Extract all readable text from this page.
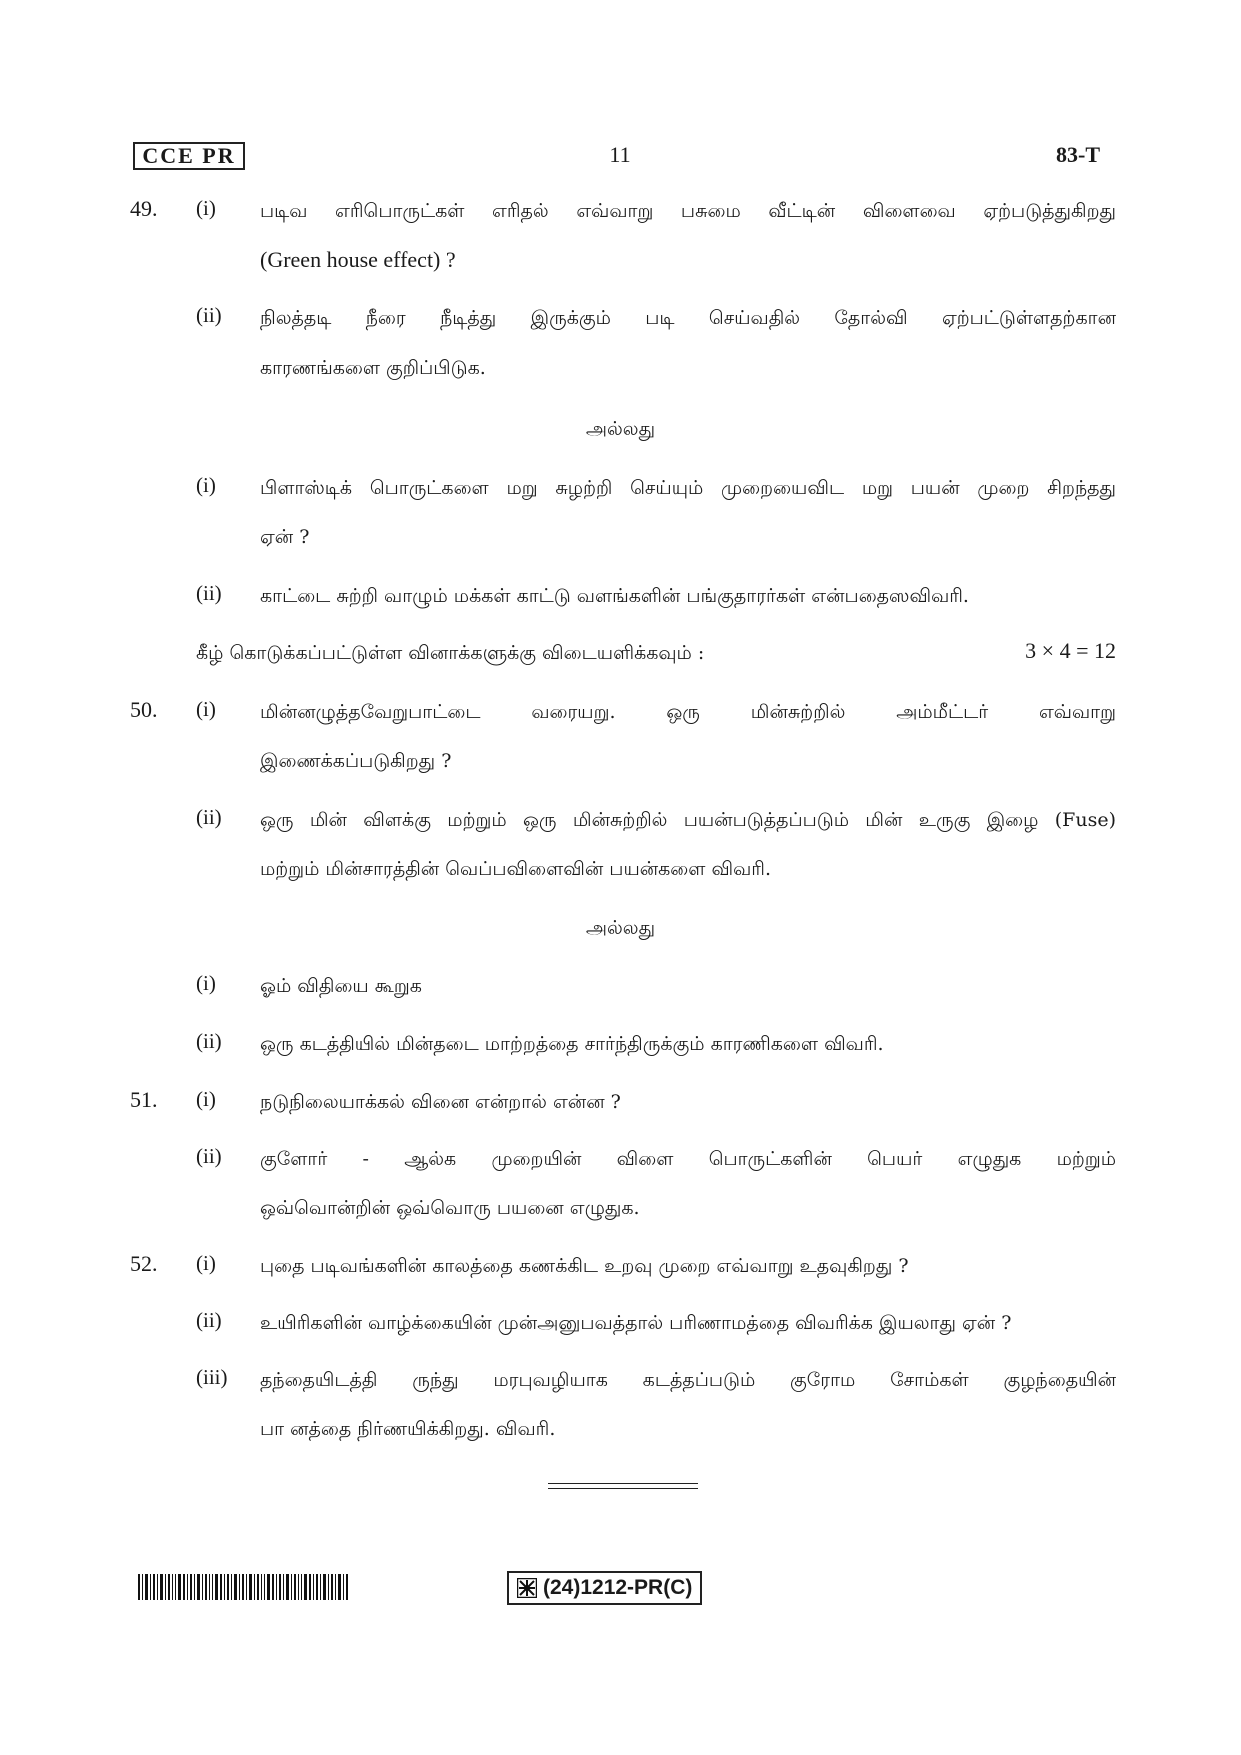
CCE PR	11	83-T
49. (i) படிவ எரிபொருட்கள் எரிதல் எவ்வாறு பசுமை வீட்டின் விளைவை ஏற்படுத்துகிறது
(Green house effect) ?
(ii) நிலத்தடி நீரை நீடித்து இருக்கும் படி செய்வதில் தோல்வி ஏற்பட்டுள்ளதற்கான
காரணங்களை குறிப்பிடுக.
அல்லது
(i) பிளாஸ்டிக் பொருட்களை மறு சுழற்றி செய்யும் முறையைவிட மறு பயன் முறை சிறந்தது
ஏன் ?
(ii) காட்டை சுற்றி வாழும் மக்கள் காட்டு வளங்களின் பங்குதாரர்கள் என்பதைஸவிவரி.
கீழ் கொடுக்கப்பட்டுள்ள வினாக்களுக்கு விடையளிக்கவும் :	3 × 4 = 12
50. (i) மின்னழுத்தவேறுபாட்டை வரையறு. ஒரு மின்சுற்றில் அம்மீட்டர் எவ்வாறு
இணைக்கப்படுகிறது ?
(ii) ஒரு மின் விளக்கு மற்றும் ஒரு மின்சுற்றில் பயன்படுத்தப்படும் மின் உருகு இழை (Fuse)
மற்றும் மின்சாரத்தின் வெப்பவிளைவின் பயன்களை விவரி.
அல்லது
(i) ஓம் விதியை கூறுக
(ii) ஒரு கடத்தியில் மின்தடை மாற்றத்தை சார்ந்திருக்கும் காரணிகளை விவரி.
51. (i) நடுநிலையாக்கல் வினை என்றால் என்ன ?
(ii) குளோர் - ஆல்க முறையின் விளை பொருட்களின் பெயர் எழுதுக மற்றும்
ஒவ்வொன்றின் ஒவ்வொரு பயனை எழுதுக.
52. (i) புதை படிவங்களின் காலத்தை கணக்கிட உறவு முறை எவ்வாறு உதவுகிறது ?
(ii) உயிரிகளின் வாழ்க்கையின் முன்அனுபவத்தால் பரிணாமத்தை விவரிக்க இயலாது ஏன் ?
(iii) தந்தையிடத்தி ருந்து மரபுவழியாக கடத்தப்படும் குரோம சோம்கள் குழந்தையின்
பா னத்தை நிர்ணயிக்கிறது. விவரி.
(24)1212-PR(C)
